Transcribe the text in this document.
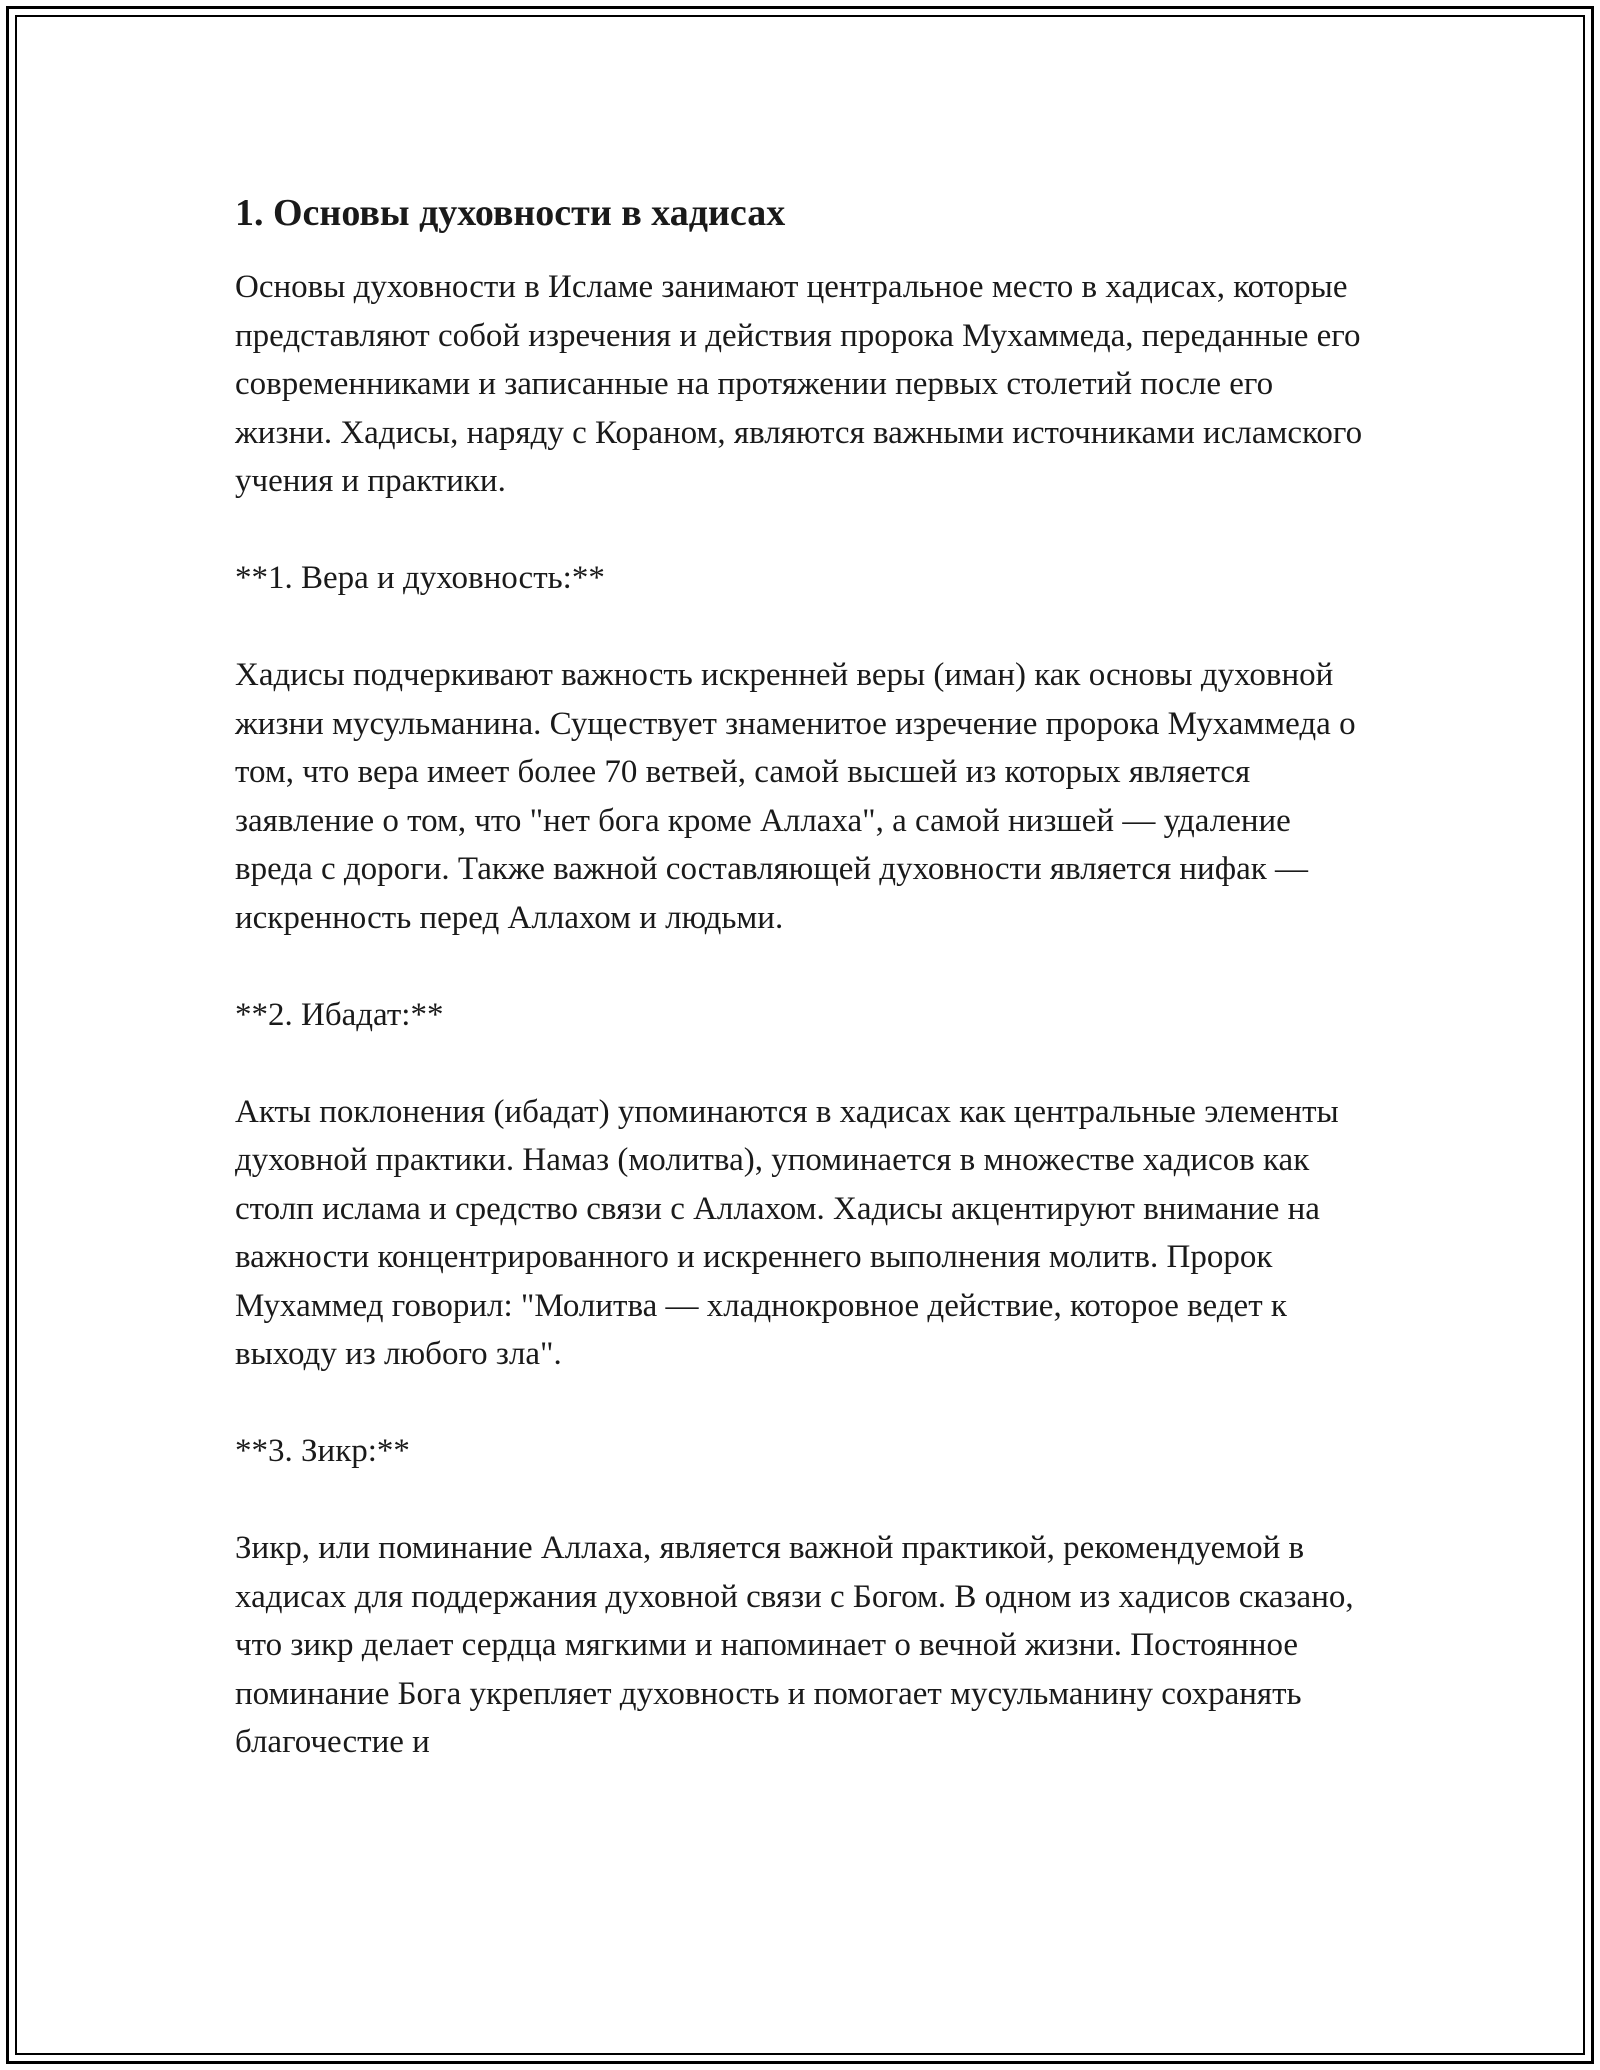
1. Основы духовности в хадисах

Основы духовности в Исламе занимают центральное место в хадисах, которые представляют собой изречения и действия пророка Мухаммеда, переданные его современниками и записанные на протяжении первых столетий после его жизни. Хадисы, наряду с Кораном, являются важными источниками исламского учения и практики.

**1. Вера и духовность:**

Хадисы подчеркивают важность искренней веры (иман) как основы духовной жизни мусульманина. Существует знаменитое изречение пророка Мухаммеда о том, что вера имеет более 70 ветвей, самой высшей из которых является заявление о том, что "нет бога кроме Аллаха", а самой низшей — удаление вреда с дороги. Также важной составляющей духовности является нифак — искренность перед Аллахом и людьми.

**2. Ибадат:**

Акты поклонения (ибадат) упоминаются в хадисах как центральные элементы духовной практики. Намаз (молитва), упоминается в множестве хадисов как столп ислама и средство связи с Аллахом. Хадисы акцентируют внимание на важности концентрированного и искреннего выполнения молитв. Пророк Мухаммед говорил: "Молитва — хладнокровное действие, которое ведет к выходу из любого зла".

**3. Зикр:**

Зикр, или поминание Аллаха, является важной практикой, рекомендуемой в хадисах для поддержания духовной связи с Богом. В одном из хадисов сказано, что зикр делает сердца мягкими и напоминает о вечной жизни. Постоянное поминание Бога укрепляет духовность и помогает мусульманину сохранять благочестие и
